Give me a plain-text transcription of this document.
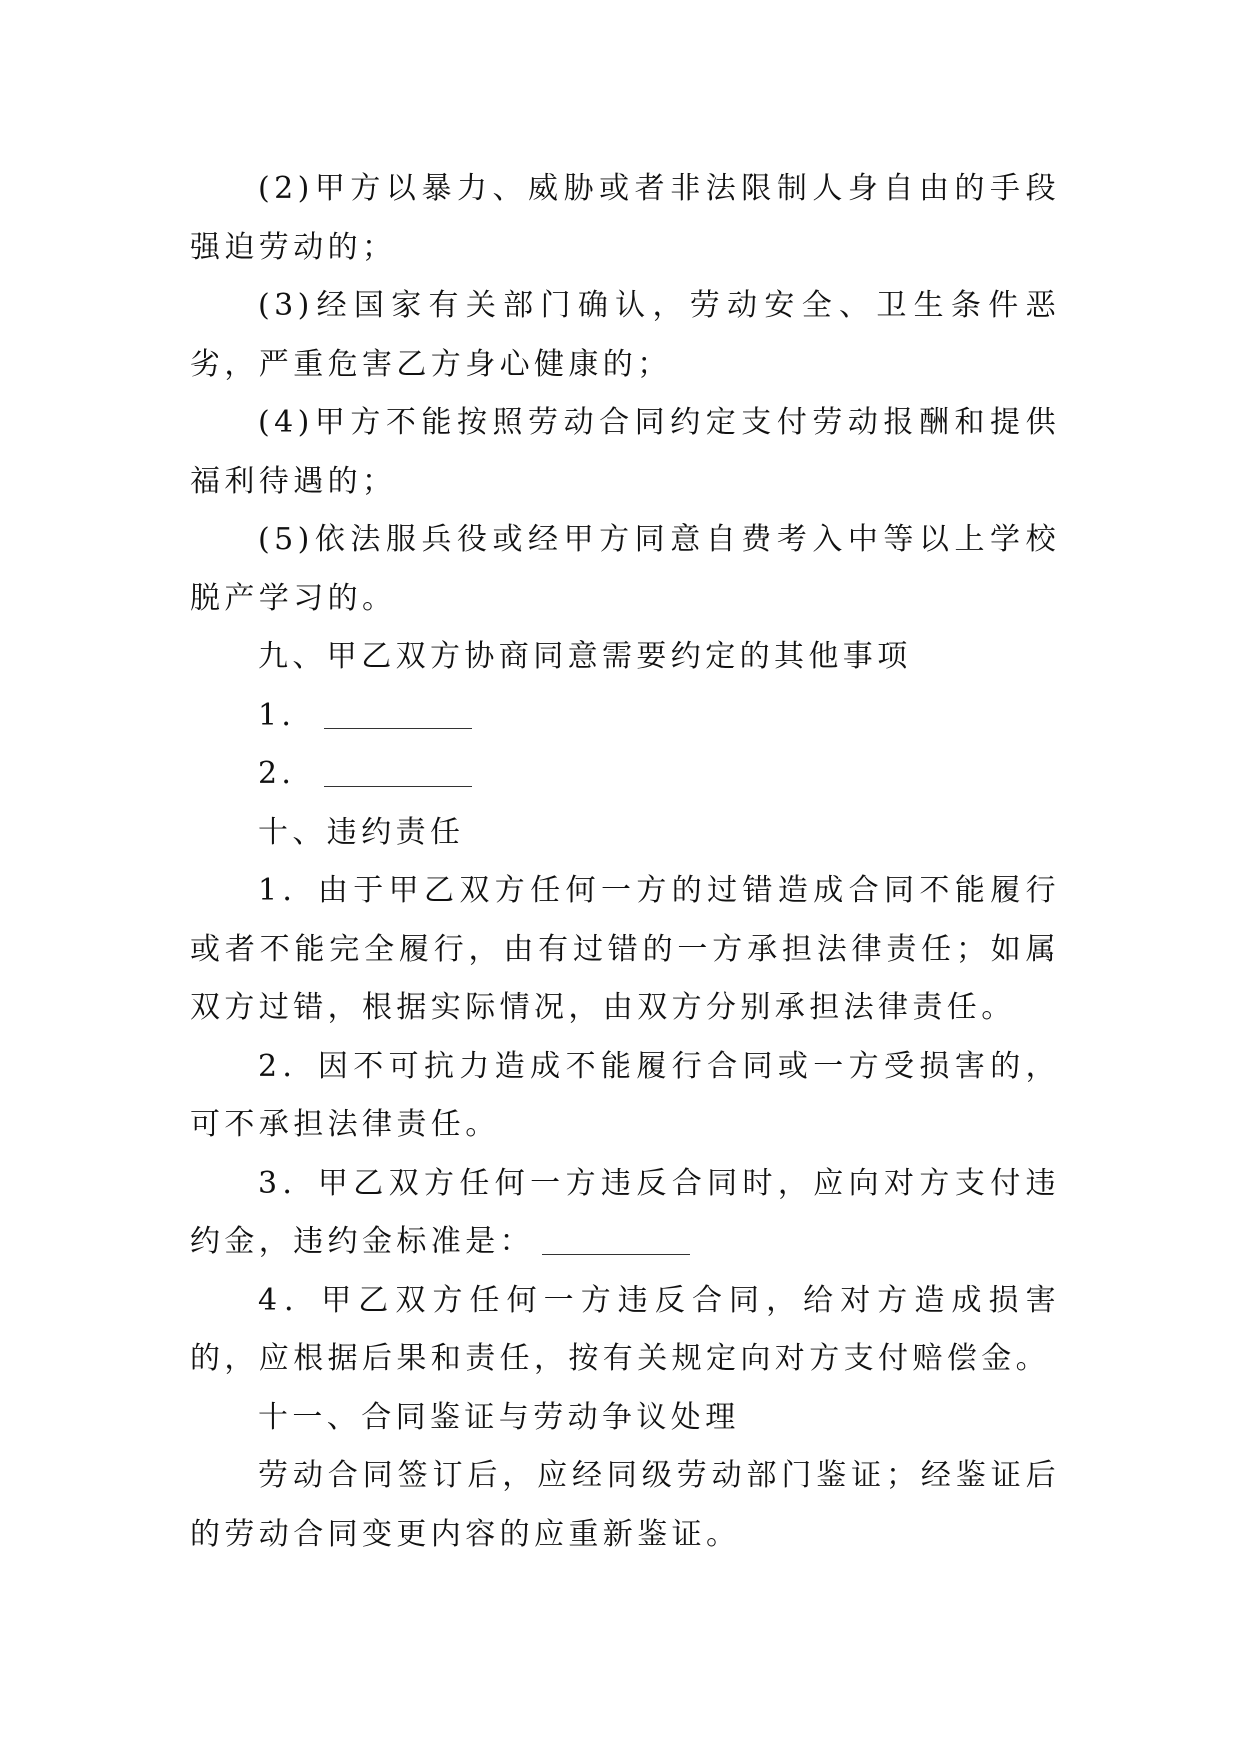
(2)甲方以暴力、威胁或者非法限制人身自由的手段强迫劳动的；

(3)经国家有关部门确认，劳动安全、卫生条件恶劣，严重危害乙方身心健康的；

(4)甲方不能按照劳动合同约定支付劳动报酬和提供福利待遇的；

(5)依法服兵役或经甲方同意自费考入中等以上学校脱产学习的。

九、甲乙双方协商同意需要约定的其他事项

1．

2．

十、违约责任

1．由于甲乙双方任何一方的过错造成合同不能履行或者不能完全履行，由有过错的一方承担法律责任；如属双方过错，根据实际情况，由双方分别承担法律责任。

2．因不可抗力造成不能履行合同或一方受损害的，可不承担法律责任。

3．甲乙双方任何一方违反合同时，应向对方支付违约金，违约金标准是：

4．甲乙双方任何一方违反合同，给对方造成损害的，应根据后果和责任，按有关规定向对方支付赔偿金。

十一、合同鉴证与劳动争议处理

劳动合同签订后，应经同级劳动部门鉴证；经鉴证后的劳动合同变更内容的应重新鉴证。
